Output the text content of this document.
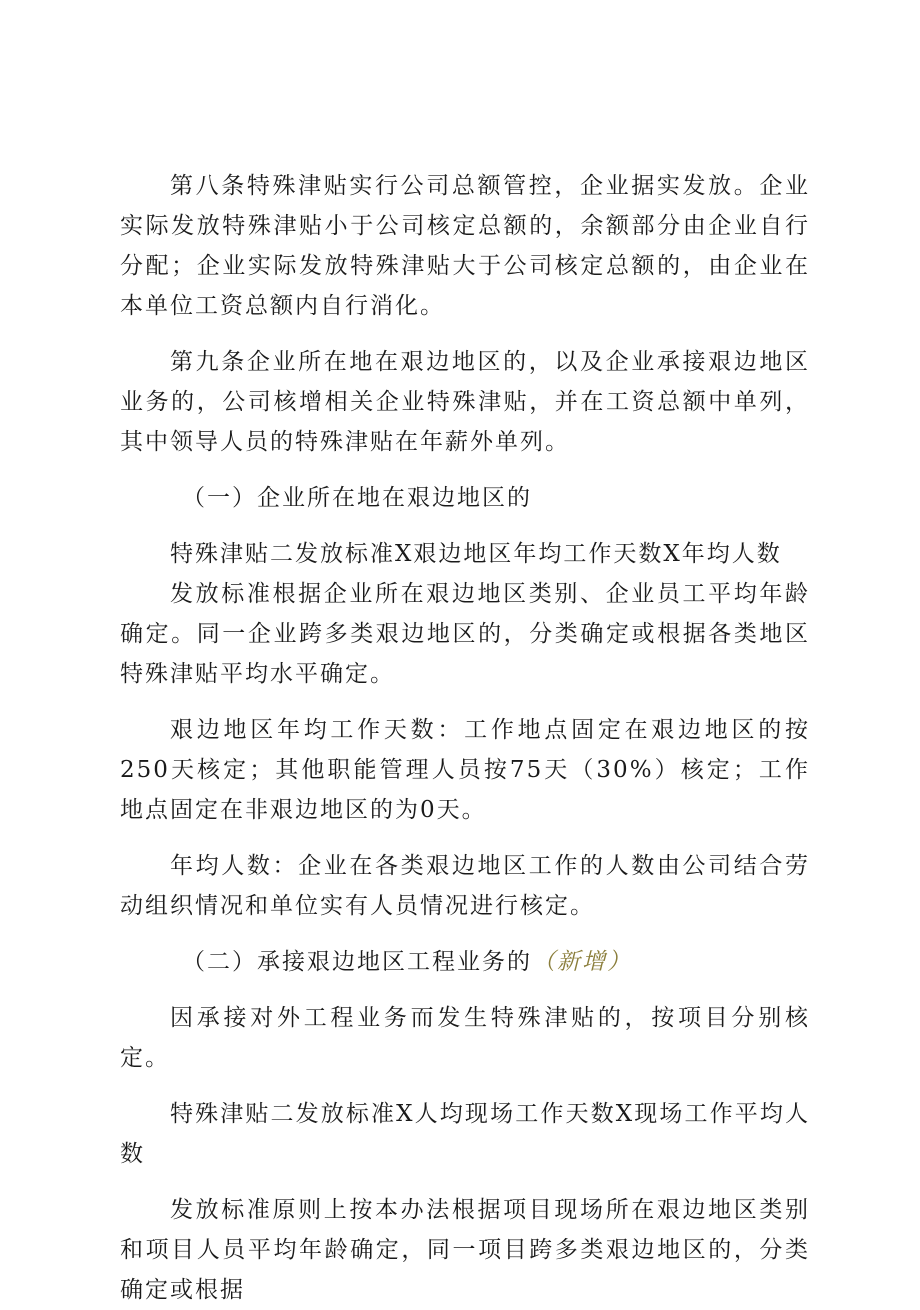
第八条特殊津贴实行公司总额管控，企业据实发放。企业实际发放特殊津贴小于公司核定总额的，余额部分由企业自行分配；企业实际发放特殊津贴大于公司核定总额的，由企业在本单位工资总额内自行消化。

第九条企业所在地在艰边地区的，以及企业承接艰边地区业务的，公司核增相关企业特殊津贴，并在工资总额中单列，其中领导人员的特殊津贴在年薪外单列。

（一）企业所在地在艰边地区的

特殊津贴二发放标准X艰边地区年均工作天数X年均人数

发放标准根据企业所在艰边地区类别、企业员工平均年龄确定。同一企业跨多类艰边地区的，分类确定或根据各类地区特殊津贴平均水平确定。

艰边地区年均工作天数：工作地点固定在艰边地区的按250天核定；其他职能管理人员按75天（30%）核定；工作地点固定在非艰边地区的为0天。

年均人数：企业在各类艰边地区工作的人数由公司结合劳动组织情况和单位实有人员情况进行核定。

（二）承接艰边地区工程业务的（新增）

因承接对外工程业务而发生特殊津贴的，按项目分别核定。

特殊津贴二发放标准X人均现场工作天数X现场工作平均人数

发放标准原则上按本办法根据项目现场所在艰边地区类别和项目人员平均年龄确定，同一项目跨多类艰边地区的，分类确定或根据
